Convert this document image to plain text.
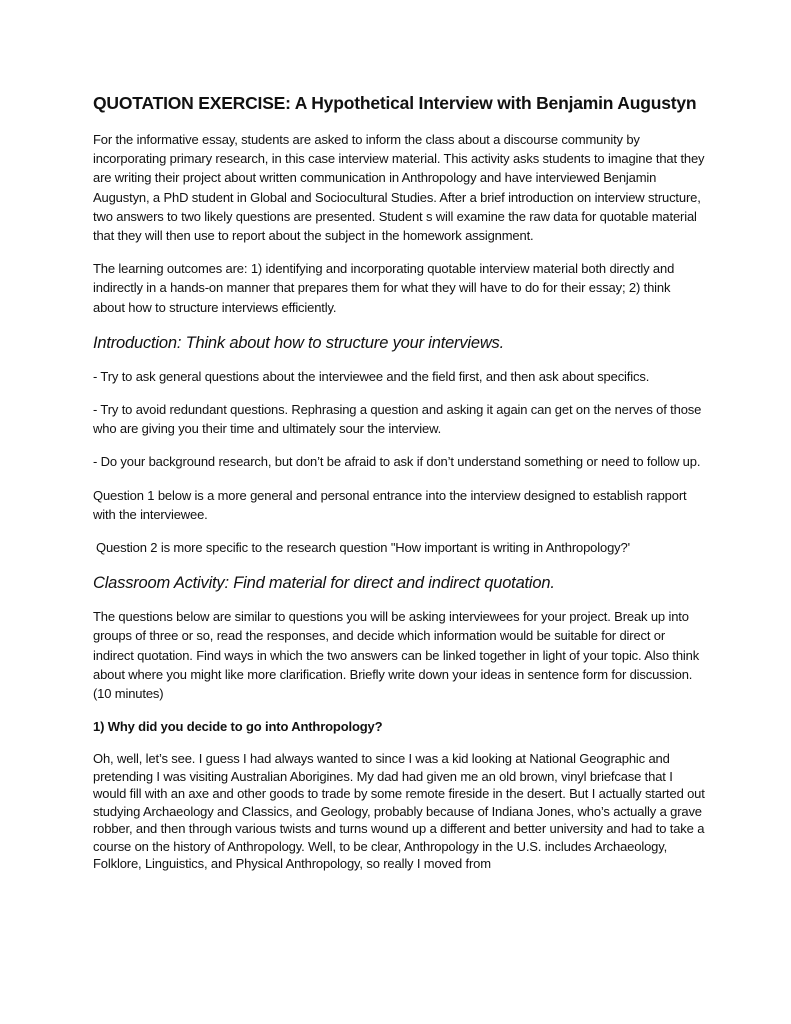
QUOTATION EXERCISE: A Hypothetical Interview with Benjamin Augustyn

For the informative essay, students are asked to inform the class about a discourse community by incorporating primary research, in this case interview material. This activity asks students to imagine that they are writing their project about written communication in Anthropology and have interviewed Benjamin Augustyn, a PhD student in Global and Sociocultural Studies. After a brief introduction on interview structure, two answers to two likely questions are presented. Student s will examine the raw data for quotable material that they will then use to report about the subject in the homework assignment.

The learning outcomes are: 1) identifying and incorporating quotable interview material both directly and indirectly in a hands-on manner that prepares them for what they will have to do for their essay; 2) think about how to structure interviews efficiently.

Introduction: Think about how to structure your interviews.

- Try to ask general questions about the interviewee and the field first, and then ask about specifics.

- Try to avoid redundant questions. Rephrasing a question and asking it again can get on the nerves of those who are giving you their time and ultimately sour the interview.

- Do your background research, but don’t be afraid to ask if don’t understand something or need to follow up.

Question 1 below is a more general and personal entrance into the interview designed to establish rapport with the interviewee.

Question 2 is more specific to the research question "How important is writing in Anthropology?'

Classroom Activity: Find material for direct and indirect quotation.

The questions below are similar to questions you will be asking interviewees for your project. Break up into groups of three or so, read the responses, and decide which information would be suitable for direct or indirect quotation. Find ways in which the two answers can be linked together in light of your topic. Also think about where you might like more clarification. Briefly write down your ideas in sentence form for discussion. (10 minutes)

1) Why did you decide to go into Anthropology?

Oh, well, let’s see. I guess I had always wanted to since I was a kid looking at National Geographic and pretending I was visiting Australian Aborigines. My dad had given me an old brown, vinyl briefcase that I would fill with an axe and other goods to trade by some remote fireside in the desert. But I actually started out studying Archaeology and Classics, and Geology, probably because of Indiana Jones, who’s actually a grave robber, and then through various twists and turns wound up a different and better university and had to take a course on the history of Anthropology. Well, to be clear, Anthropology in the U.S. includes Archaeology, Folklore, Linguistics, and Physical Anthropology, so really I moved from
